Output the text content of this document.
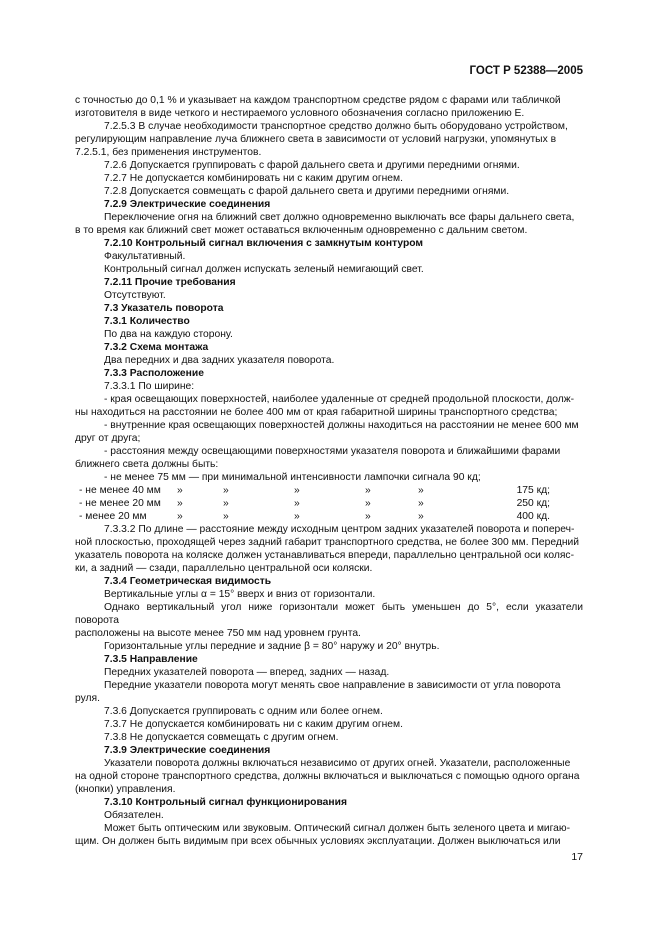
ГОСТ Р 52388—2005
с точностью до 0,1 % и указывает на каждом транспортном средстве рядом с фарами или табличкой
изготовителя в виде четкого и нестираемого условного обозначения согласно приложению Е.
7.2.5.3 В случае необходимости транспортное средство должно быть оборудовано устройством,
регулирующим направление луча ближнего света в зависимости от условий нагрузки, упомянутых в
7.2.5.1, без применения инструментов.
7.2.6 Допускается группировать с фарой дальнего света и другими передними огнями.
7.2.7 Не допускается комбинировать ни с каким другим огнем.
7.2.8 Допускается совмещать с фарой дальнего света и другими передними огнями.
7.2.9 Электрические соединения
Переключение огня на ближний свет должно одновременно выключать все фары дальнего света,
в то время как ближний свет может оставаться включенным одновременно с дальним светом.
7.2.10 Контрольный сигнал включения с замкнутым контуром
Факультативный.
Контрольный сигнал должен испускать зеленый немигающий свет.
7.2.11 Прочие требования
Отсутствуют.
7.3 Указатель поворота
7.3.1 Количество
По два на каждую сторону.
7.3.2 Схема монтажа
Два передних и два задних указателя поворота.
7.3.3 Расположение
7.3.3.1 По ширине:
- края освещающих поверхностей, наиболее удаленные от средней продольной плоскости, долж-
ны находиться на расстоянии не более 400 мм от края габаритной ширины транспортного средства;
- внутренние края освещающих поверхностей должны находиться на расстоянии не менее 600 мм
друг от друга;
- расстояния между освещающими поверхностями указателя поворота и ближайшими фарами
ближнего света должны быть:
- не менее 75 мм — при минимальной интенсивности лампочки сигнала 90 кд;
- не менее 40 мм	»	»	»	»	»	175 кд;
- не менее 20 мм	»	»	»	»	»	250 кд;
- менее 20 мм	»	»	»	»	»	400 кд.
7.3.3.2 По длине — расстояние между исходным центром задних указателей поворота и попереч-
ной плоскостью, проходящей через задний габарит транспортного средства, не более 300 мм. Передний
указатель поворота на коляске должен устанавливаться впереди, параллельно центральной оси коляс-
ки, а задний — сзади, параллельно центральной оси коляски.
7.3.4 Геометрическая видимость
Вертикальные углы α = 15° вверх и вниз от горизонтали.
Однако вертикальный угол ниже горизонтали может быть уменьшен до 5°, если указатели поворота
расположены на высоте менее 750 мм над уровнем грунта.
Горизонтальные углы передние и задние β = 80° наружу и 20° внутрь.
7.3.5 Направление
Передних указателей поворота — вперед, задних — назад.
Передние указатели поворота могут менять свое направление в зависимости от угла поворота
руля.
7.3.6 Допускается группировать с одним или более огнем.
7.3.7 Не допускается комбинировать ни с каким другим огнем.
7.3.8 Не допускается совмещать с другим огнем.
7.3.9 Электрические соединения
Указатели поворота должны включаться независимо от других огней. Указатели, расположенные
на одной стороне транспортного средства, должны включаться и выключаться с помощью одного органа
(кнопки) управления.
7.3.10 Контрольный сигнал функционирования
Обязателен.
Может быть оптическим или звуковым. Оптический сигнал должен быть зеленого цвета и мигаю-
щим. Он должен быть видимым при всех обычных условиях эксплуатации. Должен выключаться или
17
